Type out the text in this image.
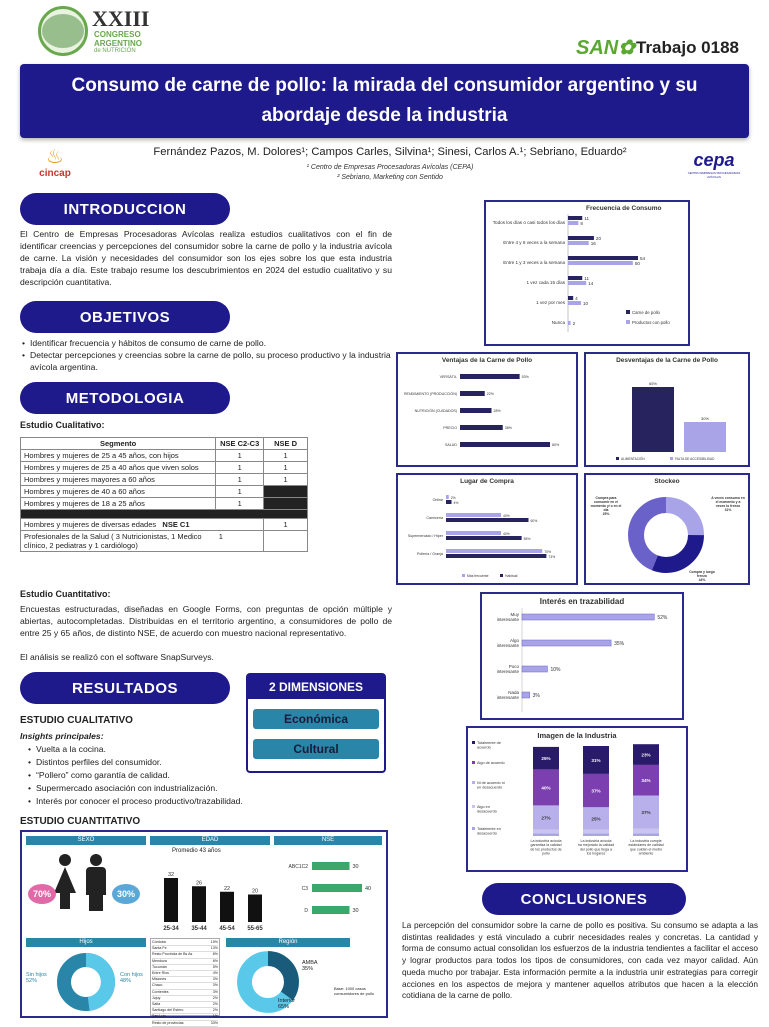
XXIII
CONGRESO
ARGENTINO
de NUTRICIÓN	SAN✿ Trabajo 0188
Consumo de carne de pollo: la mirada del consumidor argentino y su
abordaje desde la industria
♨
cincap
Fernández Pazos, M. Dolores¹; Campos Carles, Silvina¹; Sinesi, Carlos A.¹; Sebriano, Eduardo²
¹ Centro de Empresas Procesadoras Avícolas (CEPA)
² Sebriano, Marketing con Sentido
cepa
CENTRO EMPRESAS PROCESADORAS AVÍCOLAS
INTRODUCCION
El Centro de Empresas Procesadoras Avícolas realiza estudios cualitativos con el fin de identificar creencias y percepciones del consumidor sobre la carne de pollo y la industria avícola de carne. La visión y necesidades del consumidor son los ejes sobre los que esta industria trabaja día a día. Este trabajo resume los descubrimientos en 2024 del estudio cualitativo y su descripción cuantitativa.
OBJETIVOS
• Identificar frecuencia y hábitos de consumo de carne de pollo.
• Detectar percepciones y creencias sobre la carne de pollo, su proceso productivo y la industria avícola argentina.
METODOLOGIA
Estudio Cualitativo:
Segmento	NSE C2-C3	NSE D
Hombres y mujeres de 25 a 45 años, con hijos	1	1
Hombres y mujeres de 25 a 40 años que viven solos	1	1
Hombres y mujeres mayores a 60 años	1	1
Hombres y mujeres de 40 a 60 años	1	
Hombres y mujeres de 18 a 25 años	1	

Hombres y mujeres de diversas edades NSE C1		1
Profesionales de la Salud ( 3 Nutricionistas, 1 Medico clínico, 2 pediatras y 1 cardiólogo)	1	
Estudio Cuantitativo:
Encuestas estructuradas, diseñadas en Google Forms, con preguntas de opción múltiple y abiertas, autocompletadas. Distribuidas en el territorio argentino, a consumidores de pollo de entre 25 y 65 años, de distinto NSE, de acuerdo con muestro nacional representativo.
El análisis se realizó con el software SnapSurveys.
RESULTADOS	2 DIMENSIONES
Económica
Cultural
ESTUDIO CUALITATIVO
Insights principales:
• Vuelta a la cocina.
• Distintos perfiles del consumidor.
• “Pollero” como garantía de calidad.
• Supermercado asociación con industrialización.
• Interés por conocer el proceso productivo/trazabilidad.
ESTUDIO CUANTITATIVO
SEXO	EDAD	NSE
70%	30%
Promedio 43 años
32
25-34
26
35-44
22
45-54
20
55-65
ABC1C2	30
C3	40
D	30
Hijos
Sin hijos
52%
Con hijos
48%
Córdoba	15%
Santa Fe	13%
Resto Provincia de Bs As	8%
Mendoza	6%
Tucumán	5%
Entre Ríos	4%
Misiones	3%
Chaco	3%
Corrientes	3%
Jujuy	2%
Salta	2%
Santiago del Estero	2%
San Luis	1%
Resto de provincias	33%
Región
AMBA
35%
Interior
65%
Base: 1000 casos consumidores de pollo
Frecuencia de Consumo
Todos los días o casi todos los días
11
8
Entre 4 y 6 veces a la semana
20
16
Entre 1 y 3 veces a la semana
54
50
1 vez cada 15 días
11
14
1 vez por mes
4
10
Nunca 2
Carne de pollo
Productos con pollo
Ventajas de la Carne de Pollo
VERSÁTIL	53%
RENDIMIENTO (PRODUCCIÓN)	22%
NUTRICIÓN (CUIDADOS)	28%
PRECIO	38%
SALUD	80%
Desventajas de la Carne de Pollo
65%
ALIMENTACIÓN
30%
FALTA DE ACCESIBILIDAD
Lugar de Compra
Online 2%
4%
Carnicería	40%
60%
Supermercado / Hiper	40%
55%
Pollería / Granja	70%
73%
Más frecuente	Habitual
Stockeo
Compra para consumir en el momento y/ o en el día 25%
A veces consumo en el momento y a veces lo freezo 31%
Compra y luego freezo 44%
Interés en trazabilidad
Muy interesante	52%
Algo interesante	35%
Poco interesante	10%
Nada interesante	3%
Imagen de la Industria
Totalmente de acuerdo
Algo de acuerdo
Ni de acuerdo ni en desacuerdo
Algo en desacuerdo
Totalmente en desacuerdo
27%
40%
25%
La industria avícola garantiza la calidad de los productos de pollo
25%
37%
31%
La industria avícola ha mejorado la calidad del pollo que llega a los hogares
37%
34%
23%
La industria cumple estándares de calidad que cuidan el medio ambiente
CONCLUSIONES
La percepción del consumidor sobre la carne de pollo es positiva. Su consumo se adapta a las distintas realidades y está vinculado a cubrir necesidades reales y concretas. La cantidad y forma de consumo actual consolidan los esfuerzos de la industria tendientes a facilitar el acceso y lograr productos para todos los tipos de consumidores, con cada vez mayor calidad. Aún queda mucho por trabajar. Esta información permite a la industria unir estrategias para corregir acciones en los aspectos de mejora y mantener aquellos atributos que hacen a la elección cotidiana de la carne de pollo.
